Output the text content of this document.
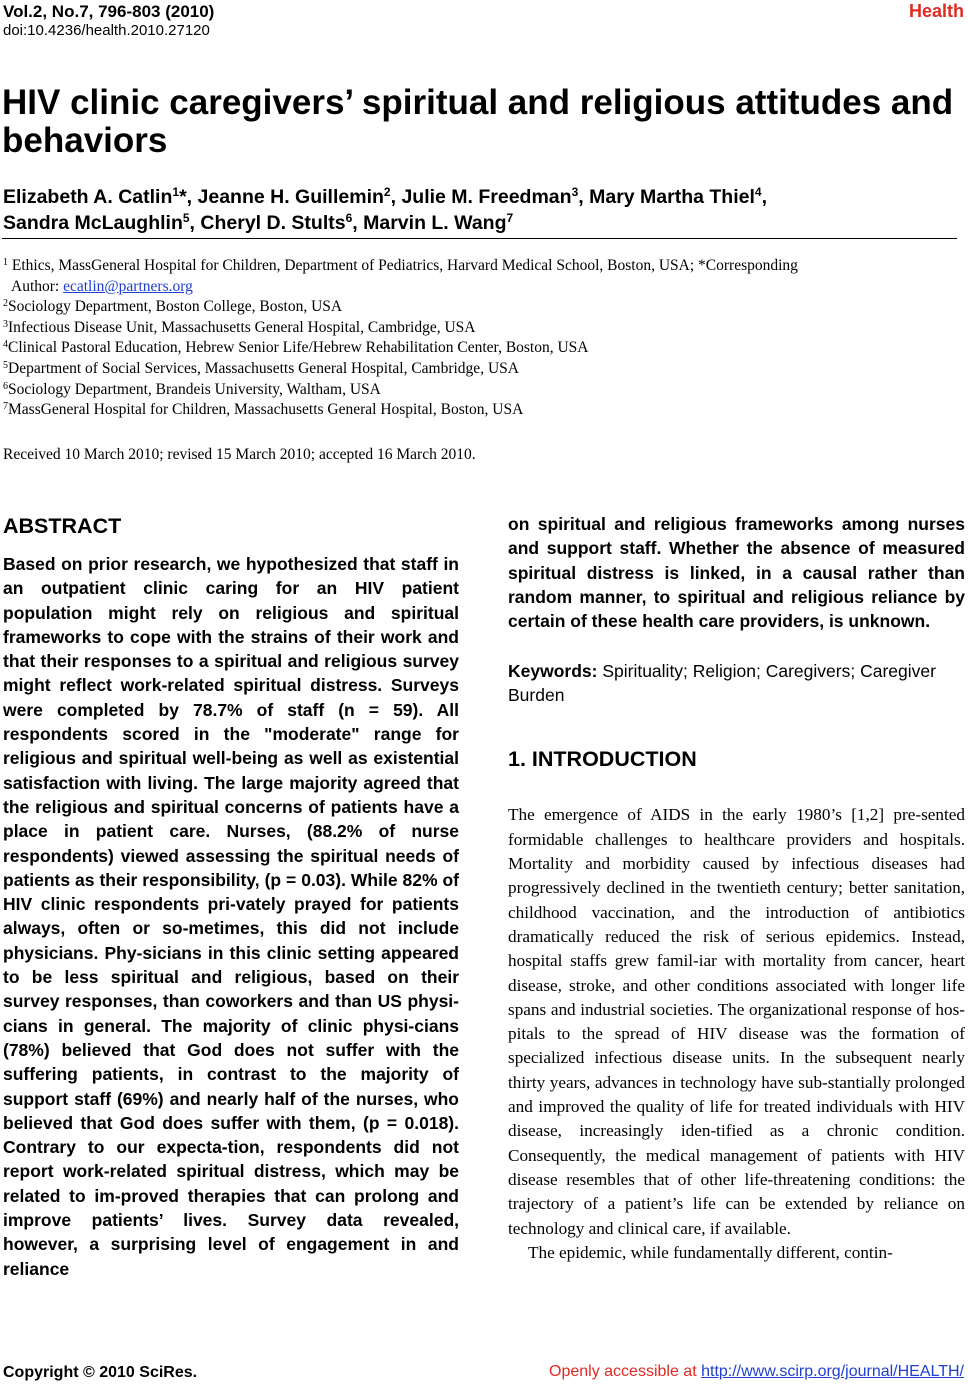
Vol.2, No.7, 796-803 (2010)
doi:10.4236/health.2010.27120
Health
HIV clinic caregivers’ spiritual and religious attitudes and behaviors
Elizabeth A. Catlin$^1$*, Jeanne H. Guillemin$^2$, Julie M. Freedman$^3$, Mary Martha Thiel$^4$,
Sandra McLaughlin$^5$, Cheryl D. Stults$^6$, Marvin L. Wang$^7$
$^1$ Ethics, MassGeneral Hospital for Children, Department of Pediatrics, Harvard Medical School, Boston, USA; *Corresponding
Author: ecatlin@partners.org
$^2$Sociology Department, Boston College, Boston, USA
$^3$Infectious Disease Unit, Massachusetts General Hospital, Cambridge, USA
$^4$Clinical Pastoral Education, Hebrew Senior Life/Hebrew Rehabilitation Center, Boston, USA
$^5$Department of Social Services, Massachusetts General Hospital, Cambridge, USA
$^6$Sociology Department, Brandeis University, Waltham, USA
$^7$MassGeneral Hospital for Children, Massachusetts General Hospital, Boston, USA
Received 10 March 2010; revised 15 March 2010; accepted 16 March 2010.
ABSTRACT

Based on prior research, we hypothesized that staff in an outpatient clinic caring for an HIV patient population might rely on religious and spiritual frameworks to cope with the strains of their work and that their responses to a spiritual and religious survey might reflect work-related spiritual distress. Surveys were completed by 78.7% of staff (n = 59). All respondents scored in the "moderate" range for religious and spiritual well-being as well as existential satisfaction with living. The large majority agreed that the religious and spiritual concerns of patients have a place in patient care. Nurses, (88.2% of nurse respondents) viewed assessing the spiritual needs of patients as their responsibility, (p = 0.03). While 82% of HIV clinic respondents pri-vately prayed for patients always, often or so-metimes, this did not include physicians. Phy-sicians in this clinic setting appeared to be less spiritual and religious, based on their survey responses, than coworkers and than US physi-cians in general. The majority of clinic physi-cians (78%) believed that God does not suffer with the suffering patients, in contrast to the majority of support staff (69%) and nearly half of the nurses, who believed that God does suffer with them, (p = 0.018). Contrary to our expecta-tion, respondents did not report work-related spiritual distress, which may be related to im-proved therapies that can prolong and improve patients’ lives. Survey data revealed, however, a surprising level of engagement in and reliance

on spiritual and religious frameworks among nurses and support staff. Whether the absence of measured spiritual distress is linked, in a causal rather than random manner, to spiritual and religious reliance by certain of these health care providers, is unknown.

Keywords: Spirituality; Religion; Caregivers; Caregiver Burden

1. INTRODUCTION

The emergence of AIDS in the early 1980’s [1,2] pre-sented formidable challenges to healthcare providers and hospitals. Mortality and morbidity caused by infectious diseases had progressively declined in the twentieth century; better sanitation, childhood vaccination, and the introduction of antibiotics dramatically reduced the risk of serious epidemics. Instead, hospital staffs grew famil-iar with mortality from cancer, heart disease, stroke, and other conditions associated with longer life spans and industrial societies. The organizational response of hos-pitals to the spread of HIV disease was the formation of specialized infectious disease units. In the subsequent nearly thirty years, advances in technology have sub-stantially prolonged and improved the quality of life for treated individuals with HIV disease, increasingly iden-tified as a chronic condition. Consequently, the medical management of patients with HIV disease resembles that of other life-threatening conditions: the trajectory of a patient’s life can be extended by reliance on technology and clinical care, if available.

The epidemic, while fundamentally different, contin-

Copyright © 2010 SciRes.	Openly accessible at http://www.scirp.org/journal/HEALTH/
